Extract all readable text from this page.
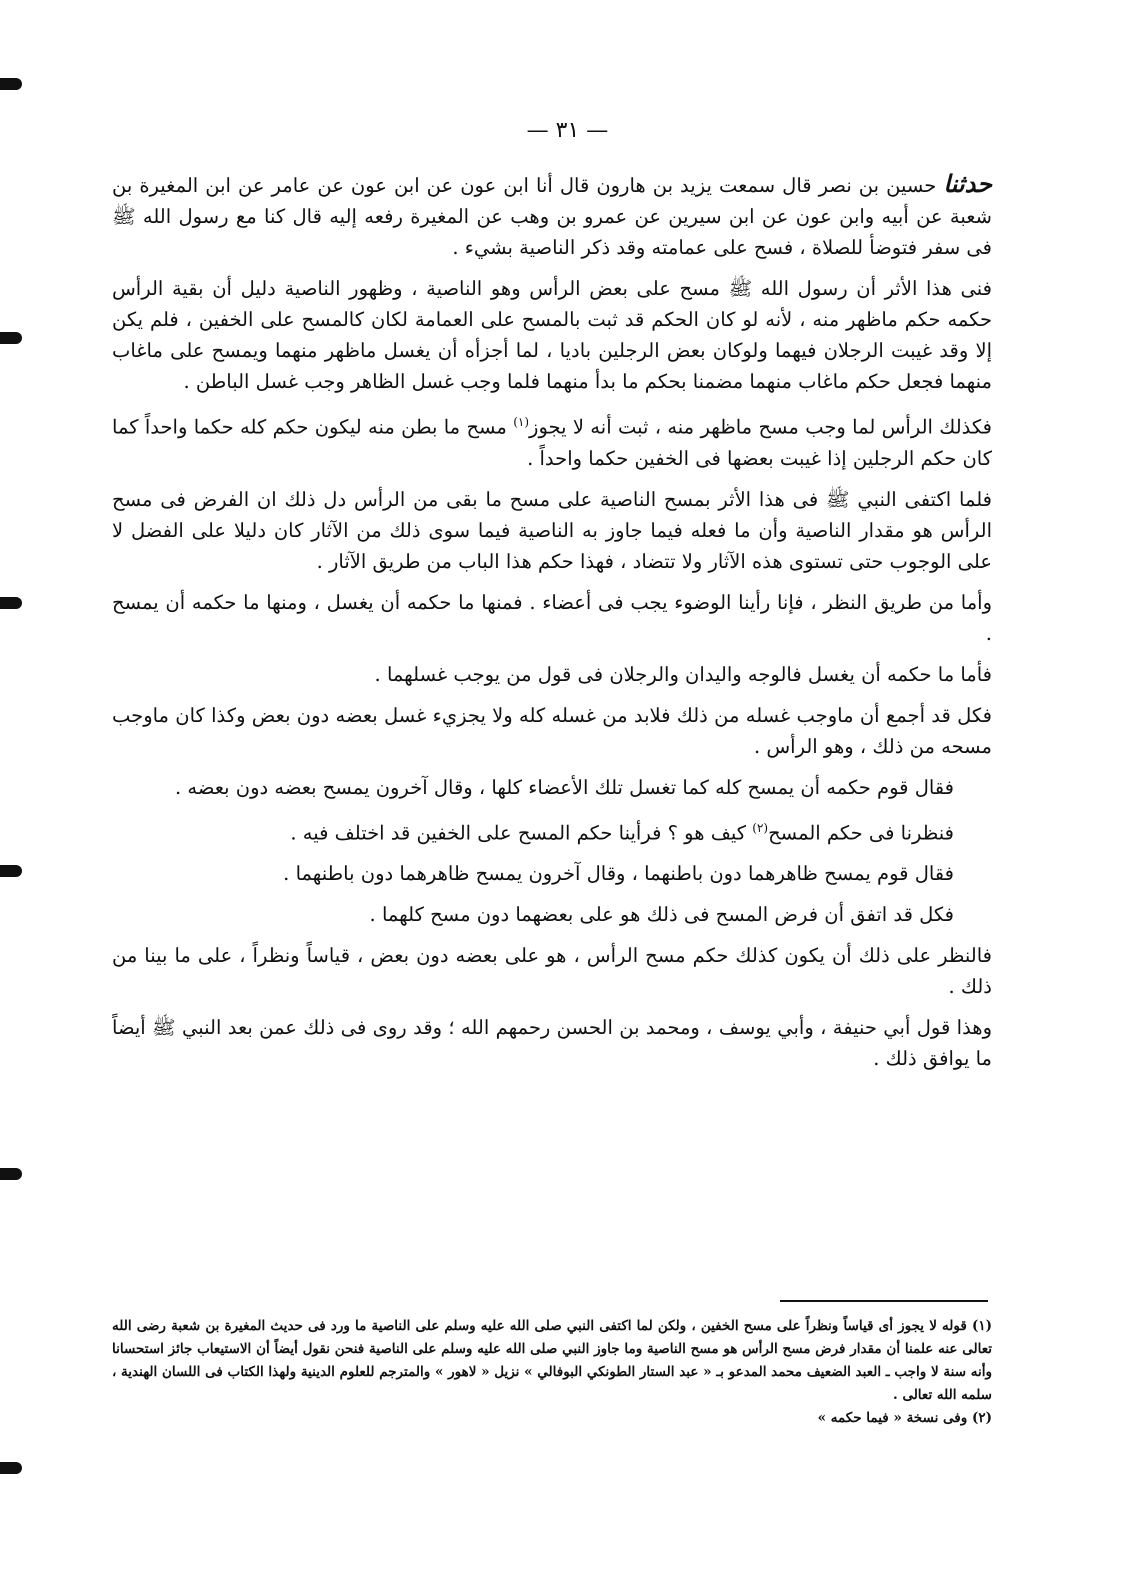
— ٣١ —

حدثنا حسين بن نصر قال سمعت يزيد بن هارون قال أنا ابن عون عن ابن عون عن عامر عن ابن المغيرة بن شعبة عن أبيه وابن عون عن ابن سيرين عن عمرو بن وهب عن المغيرة رفعه إليه قال كنا مع رسول الله ﷺ فى سفر فتوضأ للصلاة ، فسح على عمامته وقد ذكر الناصية بشيء .

فنى هذا الأثر أن رسول الله ﷺ مسح على بعض الرأس وهو الناصية ، وظهور الناصية دليل أن بقية الرأس حكمه حكم ماظهر منه ، لأنه لو كان الحكم قد ثبت بالمسح على العمامة لكان كالمسح على الخفين ، فلم يكن إلا وقد غيبت الرجلان فيهما ولوكان بعض الرجلين باديا ، لما أجزأه أن يغسل ماظهر منهما ويمسح على ماغاب منهما فجعل حكم ماغاب منهما مضمنا بحكم ما بدأ منهما فلما وجب غسل الظاهر وجب غسل الباطن .

فكذلك الرأس لما وجب مسح ماظهر منه ، ثبت أنه لا يجوز$^{(١)}$ مسح ما بطن منه ليكون حكم كله حكما واحداً كما كان حكم الرجلين إذا غيبت بعضها فى الخفين حكما واحداً .

فلما اكتفى النبي ﷺ فى هذا الأثر بمسح الناصية على مسح ما بقى من الرأس دل ذلك ان الفرض فى مسح الرأس هو مقدار الناصية وأن ما فعله فيما جاوز به الناصية فيما سوى ذلك من الآثار كان دليلا على الفضل لا على الوجوب حتى تستوى هذه الآثار ولا تتضاد ، فهذا حكم هذا الباب من طريق الآثار .

وأما من طريق النظر ، فإنا رأينا الوضوء يجب فى أعضاء . فمنها ما حكمه أن يغسل ، ومنها ما حكمه أن يمسح .

فأما ما حكمه أن يغسل فالوجه واليدان والرجلان فى قول من يوجب غسلهما .

فكل قد أجمع أن ماوجب غسله من ذلك فلابد من غسله كله ولا يجزيء غسل بعضه دون بعض وكذا كان ماوجب مسحه من ذلك ، وهو الرأس .

فقال قوم حكمه أن يمسح كله كما تغسل تلك الأعضاء كلها ، وقال آخرون يمسح بعضه دون بعضه .

فنظرنا فى حكم المسح$^{(٢)}$ كيف هو ؟ فرأينا حكم المسح على الخفين قد اختلف فيه .

فقال قوم يمسح ظاهرهما دون باطنهما ، وقال آخرون يمسح ظاهرهما دون باطنهما .

فكل قد اتفق أن فرض المسح فى ذلك هو على بعضهما دون مسح كلهما .

فالنظر على ذلك أن يكون كذلك حكم مسح الرأس ، هو على بعضه دون بعض ، قياساً ونظراً ، على ما بينا من ذلك .

وهذا قول أبي حنيفة ، وأبي يوسف ، ومحمد بن الحسن رحمهم الله ؛ وقد روى فى ذلك عمن بعد النبي ﷺ أيضاً ما يوافق ذلك .

(١) قوله لا يجوز أى قياساً ونظراً على مسح الخفين ، ولكن لما اكتفى النبي صلى الله عليه وسلم على الناصية ما ورد فى حديث المغيرة بن شعبة رضى الله تعالى عنه علمنا أن مقدار فرض مسح الرأس هو مسح الناصية وما جاوز النبي صلى الله عليه وسلم على الناصية فنحن نقول أيضاً أن الاستيعاب جائز استحسانا وأنه سنة لا واجب ـ العبد الضعيف محمد المدعو بـ « عبد الستار الطونكي البوفالي » نزيل « لاهور » والمترجم للعلوم الدينية ولهذا الكتاب فى اللسان الهندية ، سلمه الله تعالى .

(٢) وفى نسخة « فيما حكمه »
